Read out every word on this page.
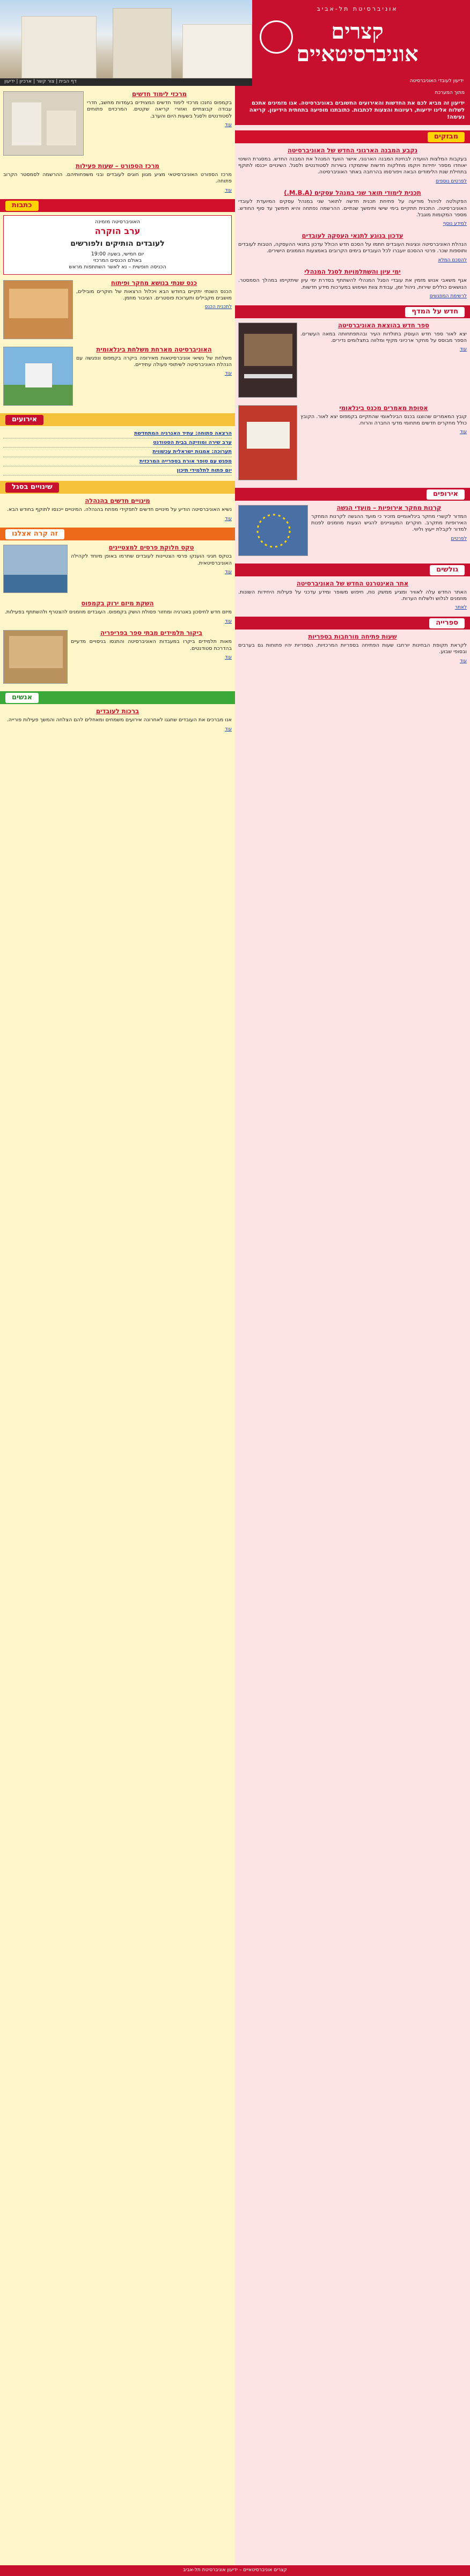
אוניברסיטת תל-אביב
קצרים
אוניברסיטאיים
דף הבית | צור קשר | ארכיון | ידיעון	ידיעון לעובדי האוניברסיטה
מתוך המערכת
ידיעון זה מביא לכם את החדשות והאירועים החשובים באוניברסיטה. אנו מזמינים אתכם לשלוח אלינו ידיעות, רעיונות והצעות לכתבות. כתובתנו מופיעה בתחתית הידיעון. קריאה נעימה!
מבזקים
נקבע המבנה הארגוני החדש של האוניברסיטה

בעקבות המלצות הוועדה לבחינת המבנה הארגוני, אישר הוועד המנהל את המבנה החדש. במסגרת השינוי יאוחדו מספר יחידות ויוקמו מחלקות חדשות שיתמקדו בשירות לסטודנטים ולסגל. השינויים ייכנסו לתוקף בתחילת שנת הלימודים הבאה ויפורסמו בהרחבה באתר האוניברסיטה.

לפרטים נוספים
תכנית לימודי תואר שני במנהל עסקים (M.B.A.)

הפקולטה לניהול מודיעה על פתיחת תכנית חדשה לתואר שני במנהל עסקים המיועדת לעובדי האוניברסיטה. התכנית תתקיים בימי שישי ותימשך שנתיים. ההרשמה נפתחה והיא תימשך עד סוף החודש. מספר המקומות מוגבל.

למידע נוסף
עדכון בנוגע לתנאי העסקה לעובדים

הנהלת האוניברסיטה ונציגות העובדים חתמו על הסכם חדש הכולל עדכון בתנאי ההעסקה, הטבות לעובדים ותוספות שכר. פרטי ההסכם יועברו לכל העובדים בימים הקרובים באמצעות הממונים הישירים.

להסכם המלא
ימי עיון והשתלמויות לסגל המנהלי

אגף משאבי אנוש מזמין את עובדי הסגל המנהלי להשתתף בסדרת ימי עיון שיתקיימו במהלך הסמסטר. הנושאים כוללים שירות, ניהול זמן, עבודת צוות ושימוש במערכות מידע חדשות.

לרשימת המפגשים
חדש על המדף
ספר חדש בהוצאת האוניברסיטה

יצא לאור ספר חדש העוסק בתולדות העיר ובהתפתחותה במאה העשרים. הספר מבוסס על מחקר ארכיוני מקיף ומלווה בתצלומים נדירים.

עוד
אסופת מאמרים מכנס בינלאומי

קובץ המאמרים שהוצגו בכנס הבינלאומי שהתקיים בקמפוס יצא לאור. הקובץ כולל מחקרים חדשים מתחומי מדעי החברה והרוח.

עוד
אירופים
קרנות מחקר אירופיות – מועדי הגשה

המדור לקשרי מחקר בינלאומיים מזכיר כי מועד ההגשה לקרנות המחקר האירופיות מתקרב. חוקרים המעוניינים להגיש הצעות מוזמנים לפנות למדור לקבלת ייעוץ וליווי.

לפרטים
גולשים
אתר האינטרנט החדש של האוניברסיטה

האתר החדש עלה לאוויר ומציע ממשק נוח, חיפוש משופר ומידע עדכני על פעילות היחידות השונות. מוזמנים לגלוש ולשלוח הערות.

לאתר
ספרייה
שעות פתיחה מורחבות בספריות

לקראת תקופת הבחינות יורחבו שעות הפתיחה בספריות המרכזיות. הספריות יהיו פתוחות גם בערבים ובסופי שבוע.

עוד
מרכזי לימוד חדשים

בקמפוס נחנכו מרכזי לימוד חדשים המצוידים בעמדות מחשב, חדרי עבודה קבוצתיים ואזורי קריאה שקטים. המרכזים פתוחים לסטודנטים ולסגל בשעות היום והערב.

עוד
מרכז הספורט – שעות פעילות

מרכז הספורט האוניברסיטאי מציע מגוון חוגים לעובדים ובני משפחותיהם. ההרשמה לסמסטר הקרוב פתוחה.

עוד
כתבות
האוניברסיטה מזמינה
ערב הוקרה
לעובדים הותיקים ולפורשים
יום חמישי, בשעה 19:00
באולם הכנסים המרכזי
הכניסה חופשית – נא לאשר השתתפות מראש
כנס שנתי בנושא מחקר ופיתוח

הכנס השנתי יתקיים בחודש הבא ויכלול הרצאות של חוקרים מובילים, מושבים מקבילים ותערוכת פוסטרים. הציבור מוזמן.

לתכנית הכנס
האוניברסיטה מארחת משלחת בינלאומית

משלחת של נשיאי אוניברסיטאות מאירופה ביקרה בקמפוס ונפגשה עם הנהלת האוניברסיטה לשיתופי פעולה עתידיים.

עוד
אירועים
הרצאה פתוחה: עתיד האנרגיה המתחדשת
ערב שירה ומוזיקה בבית הסטודנט
תערוכה: אמנות ישראלית עכשווית
מפגש עם סופר אורח בספרייה המרכזית
יום פתוח לתלמידי תיכון
שינויים בסגל
מינויים חדשים בהנהלה

נשיא האוניברסיטה הודיע על מינויים חדשים לתפקידי מפתח בהנהלה. המינויים ייכנסו לתוקף בחודש הבא.

עוד
זה קרה אצלנו
טקס חלוקת פרסים למצטיינים

בטקס חגיגי הוענקו פרסי הצטיינות לעובדים שתרמו באופן מיוחד לקהילה האוניברסיטאית.

עוד
השקת מיזם ירוק בקמפוס

מיזם חדש לחיסכון באנרגיה ומחזור פסולת הושק בקמפוס. העובדים מוזמנים להצטרף ולהשתתף בפעילות.

עוד
ביקור תלמידים מבתי ספר בפריפריה

מאות תלמידים ביקרו במעבדות האוניברסיטה והתנסו בניסויים מדעיים בהדרכת סטודנטים.

עוד
אנשים
ברכות לעובדים

אנו מברכים את העובדים שחגגו לאחרונה אירועים משמחים ומאחלים להם הצלחה והמשך פעילות פורייה.

עוד
קצרים אוניברסיטאיים – ידיעון אוניברסיטת תל-אביב
